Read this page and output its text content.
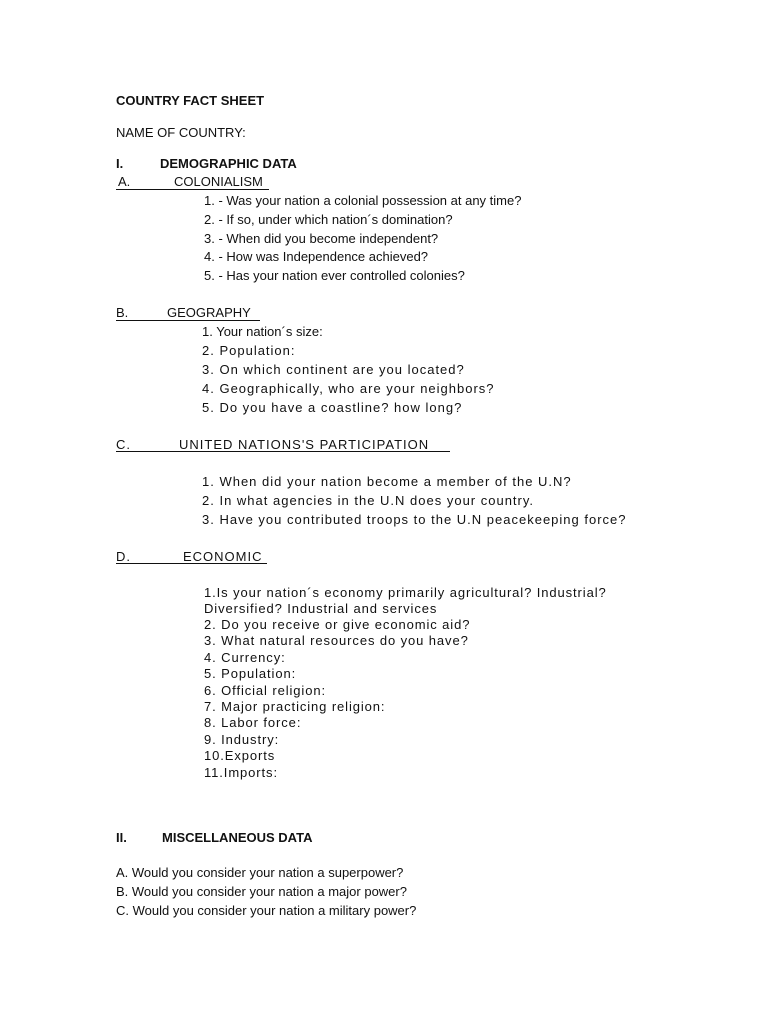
COUNTRY FACT SHEET
NAME OF COUNTRY:
I.	DEMOGRAPHIC DATA
A.	COLONIALISM
1. - Was your nation a colonial possession at any time?
2. - If so, under which nation´s domination?
3. - When did you become independent?
4. - How was Independence achieved?
5. - Has your nation ever controlled colonies?
B.	GEOGRAPHY
1. Your nation´s size:
2. Population:
3. On which continent are you located?
4. Geographically, who are your neighbors?
5. Do you have a coastline? how long?
C.	UNITED NATIONS'S PARTICIPATION
1. When did your nation become a member of the U.N?
2. In what agencies in the U.N does your country.
3. Have you contributed troops to the U.N peacekeeping force?
D.	ECONOMIC
1.Is your nation´s economy primarily agricultural? Industrial?
Diversified? Industrial and services
2. Do you receive or give economic aid?
3. What natural resources do you have?
4. Currency:
5. Population:
6. Official religion:
7. Major practicing religion:
8. Labor force:
9. Industry:
10.Exports
11.Imports:
II.	MISCELLANEOUS DATA
A. Would you consider your nation a superpower?
B. Would you consider your nation a major power?
C. Would you consider your nation a military power?
